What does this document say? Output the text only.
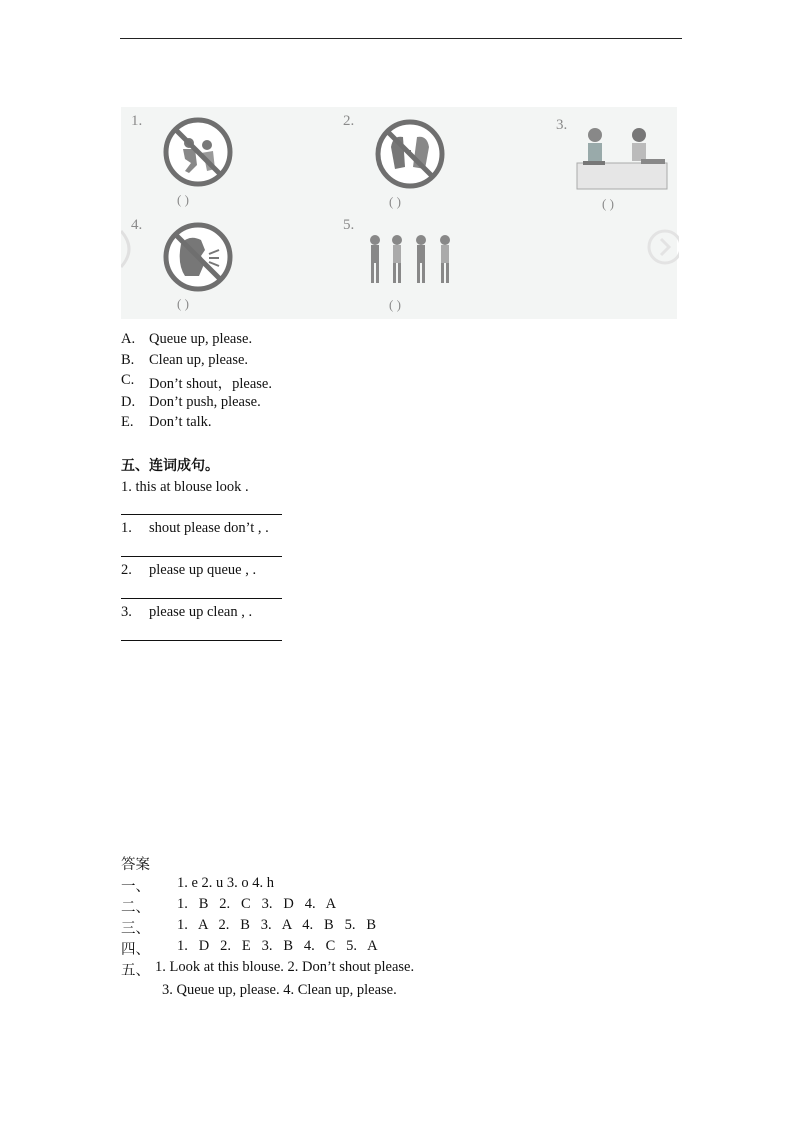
1.	2.	3.
4.	5.
( )	( )	( )
( )	( )
A. Queue up, please.
B. Clean up, please.
C. Don’t shout，please.
D. Don’t push, please.
E. Don’t talk.
五、连词成句。
1. this at blouse look .
1. shout please don’t , .
2. please up queue , .
3. please up clean , .
答案
一、 1. e 2. u 3. o 4. h
二、 1.   B   2.   C   3.   D   4.   A
三、 1.   A   2.   B   3.   A   4.   B   5.   B
四、 1.   D   2.   E   3.   B   4.   C   5.   A
五、 1. Look at this blouse. 2. Don’t shout please.
3. Queue up, please. 4. Clean up, please.
